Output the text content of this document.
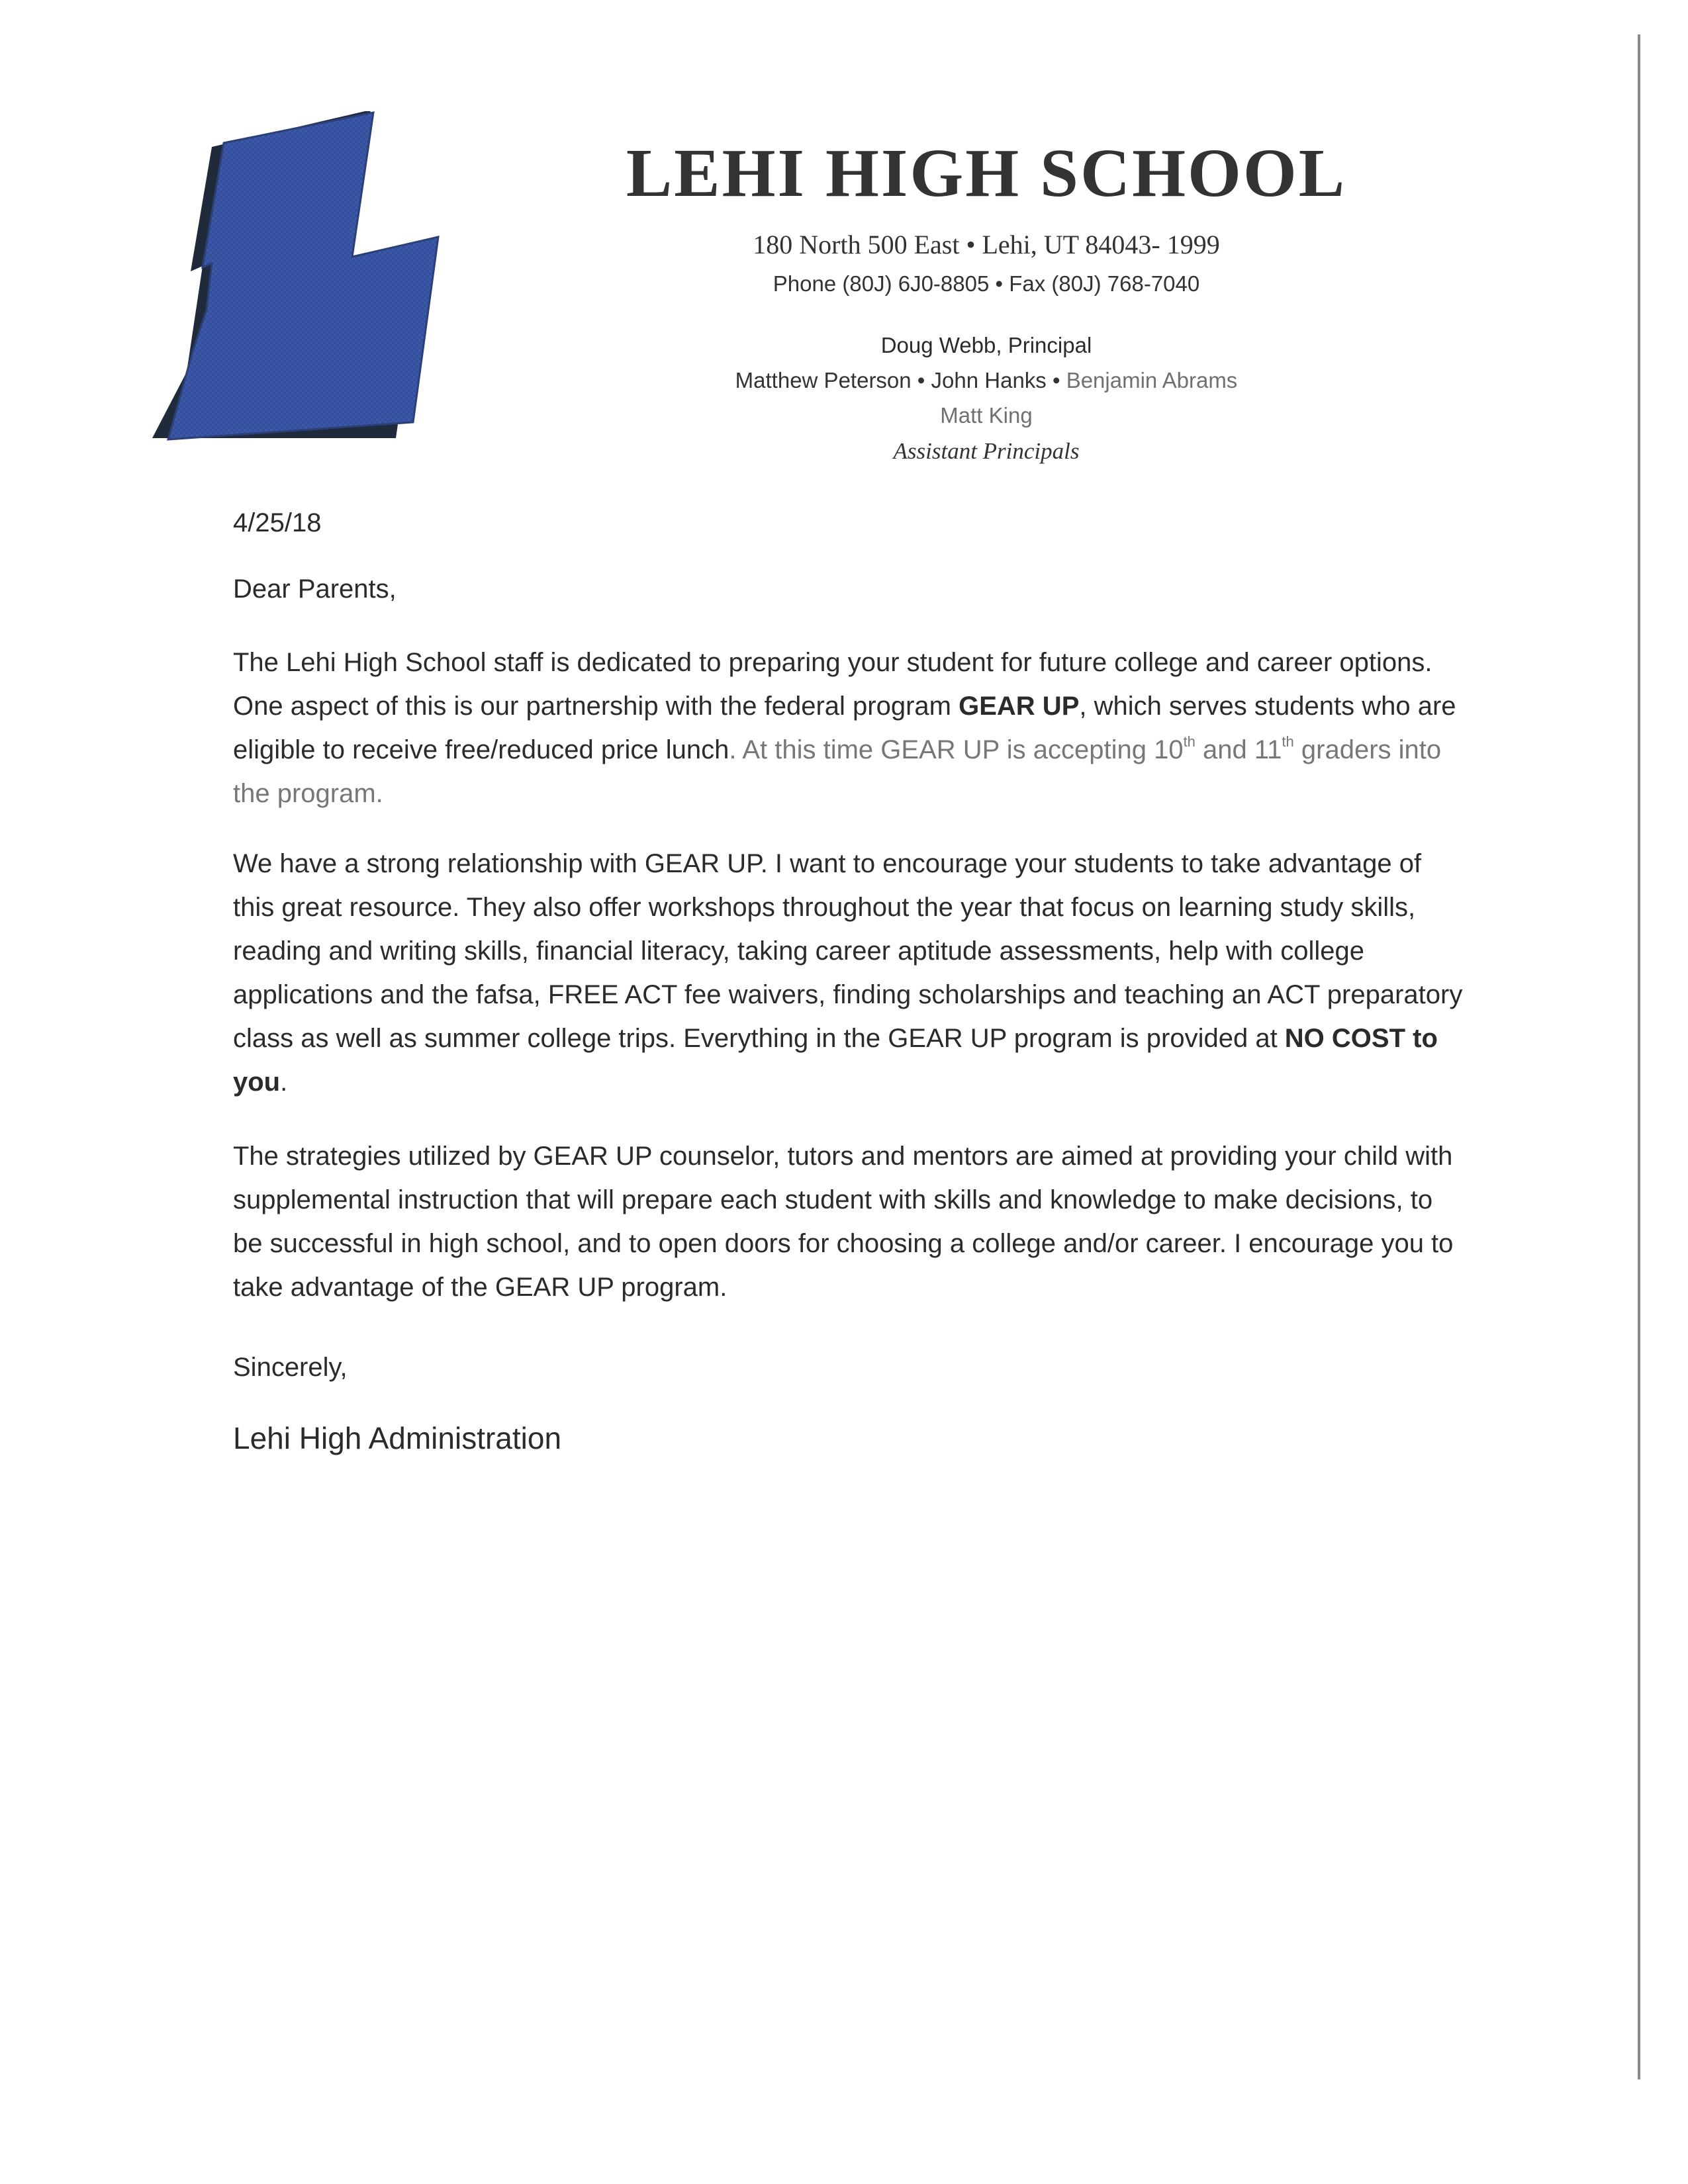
LEHI HIGH SCHOOL
180 North 500 East • Lehi, UT 84043- 1999
Phone (80J) 6J0-8805 • Fax (80J) 768-7040
Doug Webb, Principal
Matthew Peterson • John Hanks • Benjamin Abrams
Matt King
Assistant Principals
4/25/18
Dear Parents,

The Lehi High School staff is dedicated to preparing your student for future college and career options. One aspect of this is our partnership with the federal program GEAR UP, which serves students who are eligible to receive free/reduced price lunch. At this time GEAR UP is accepting 10th and 11th graders into the program.

We have a strong relationship with GEAR UP. I want to encourage your students to take advantage of this great resource. They also offer workshops throughout the year that focus on learning study skills, reading and writing skills, financial literacy, taking career aptitude assessments, help with college applications and the fafsa, FREE ACT fee waivers, finding scholarships and teaching an ACT preparatory class as well as summer college trips. Everything in the GEAR UP program is provided at NO COST to you.

The strategies utilized by GEAR UP counselor, tutors and mentors are aimed at providing your child with supplemental instruction that will prepare each student with skills and knowledge to make decisions, to be successful in high school, and to open doors for choosing a college and/or career. I encourage you to take advantage of the GEAR UP program.

Sincerely,
Lehi High Administration
